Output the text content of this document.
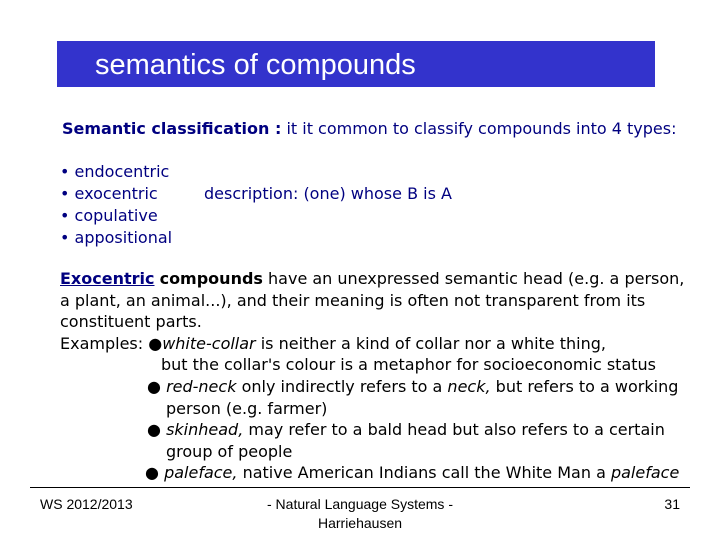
semantics of compounds
Semantic classification : it it common to classify compounds into 4 types:
• endocentric
• exocentric
• copulative
• appositional
description: (one) whose B is A
Exocentric compounds have an unexpressed semantic head (e.g. a person,
a plant, an animal...), and their meaning is often not transparent from its
constituent parts.
Examples: ●white-collar is neither a kind of collar nor a white thing,
but the collar's colour is a metaphor for socioeconomic status
● red-neck only indirectly refers to a neck, but refers to a working
person (e.g. farmer)
● skinhead, may refer to a bald head but also refers to a certain
group of people
● paleface, native American Indians call the White Man a paleface
WS 2012/2013	- Natural Language Systems -
Harriehausen
31
